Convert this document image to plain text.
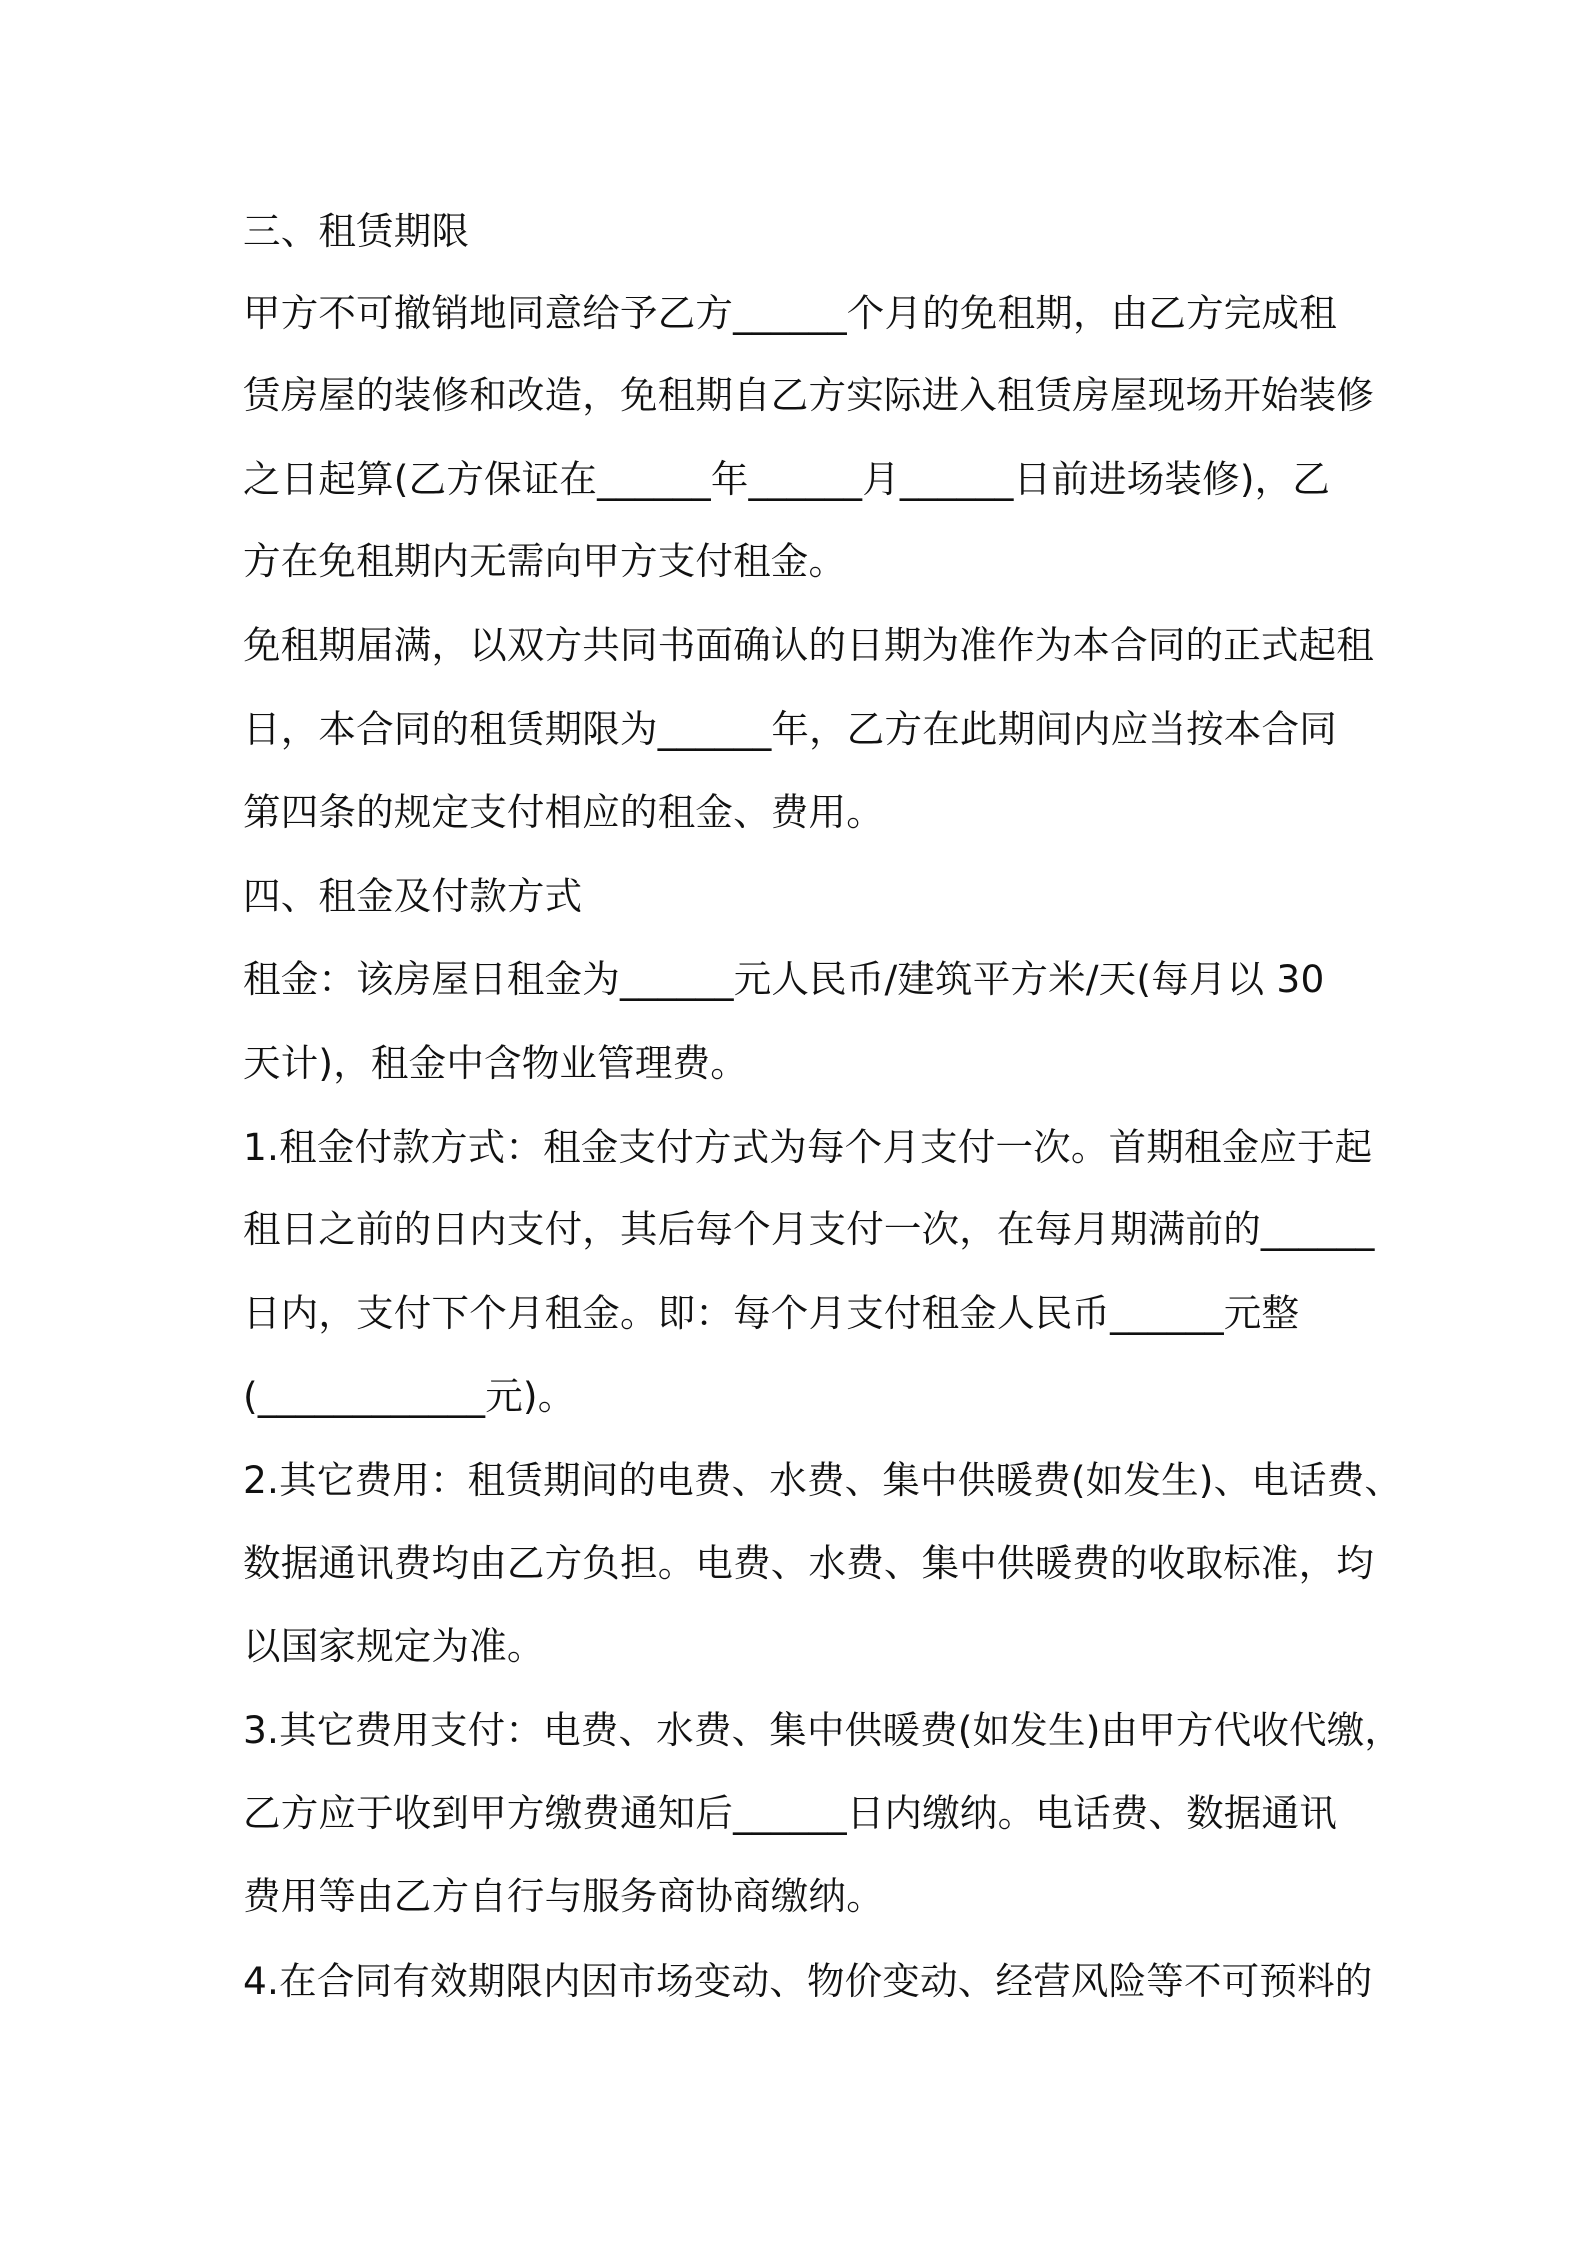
三、租赁期限
甲方不可撤销地同意给予乙方______个月的免租期，由乙方完成租
赁房屋的装修和改造，免租期自乙方实际进入租赁房屋现场开始装修
之日起算(乙方保证在______年______月______日前进场装修)，乙
方在免租期内无需向甲方支付租金。
免租期届满，以双方共同书面确认的日期为准作为本合同的正式起租
日，本合同的租赁期限为______年，乙方在此期间内应当按本合同
第四条的规定支付相应的租金、费用。
四、租金及付款方式
租金：该房屋日租金为______元人民币/建筑平方米/天(每月以 30
天计)，租金中含物业管理费。
1.租金付款方式：租金支付方式为每个月支付一次。首期租金应于起
租日之前的日内支付，其后每个月支付一次，在每月期满前的______
日内，支付下个月租金。即：每个月支付租金人民币______元整
(____________元)。
2.其它费用：租赁期间的电费、水费、集中供暖费(如发生)、电话费、
数据通讯费均由乙方负担。电费、水费、集中供暖费的收取标准，均
以国家规定为准。
3.其它费用支付：电费、水费、集中供暖费(如发生)由甲方代收代缴，
乙方应于收到甲方缴费通知后______日内缴纳。电话费、数据通讯
费用等由乙方自行与服务商协商缴纳。
4.在合同有效期限内因市场变动、物价变动、经营风险等不可预料的
